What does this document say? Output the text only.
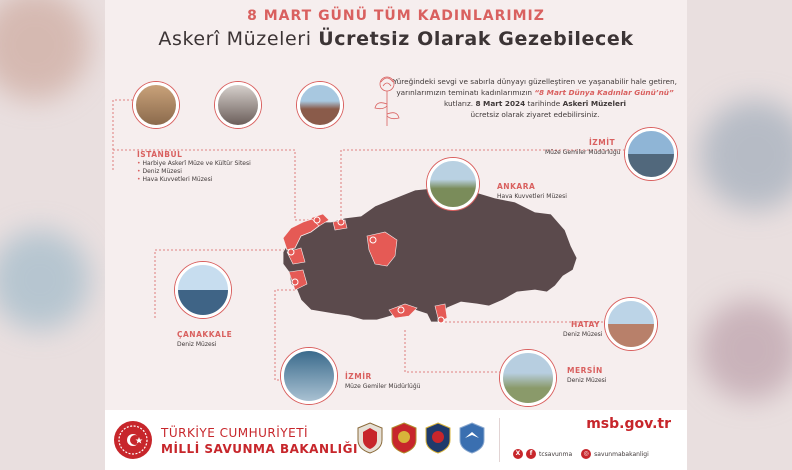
8 MART GÜNÜ TÜM KADINLARIMIZ
Askerî Müzeleri Ücretsiz Olarak Gezebilecek
Yüreğindeki sevgi ve sabırla dünyayı güzelleştiren ve yaşanabilir hale getiren, yarınlarımızın teminatı kadınlarımızın “8 Mart Dünya Kadınlar Günü’nü”
kutlarız. 8 Mart 2024 tarihinde Askerî Müzeleri
ücretsiz olarak ziyaret edebilirsiniz.
İSTANBUL
• Harbiye Askerî Müze ve Kültür Sitesi
• Deniz Müzesi
• Hava Kuvvetleri Müzesi
İZMİT
Müze Gemiler Müdürlüğü
ANKARA
Hava Kuvvetleri Müzesi
ÇANAKKALE
Deniz Müzesi
İZMİR
Müze Gemiler Müdürlüğü
HATAY
Deniz Müzesi
MERSİN
Deniz Müzesi
TÜRKİYE CUMHURİYETİ
MİLLİ SAVUNMA BAKANLIĞI
msb.gov.tr
X	f	tcsavunma	◎ savunmabakanligi
